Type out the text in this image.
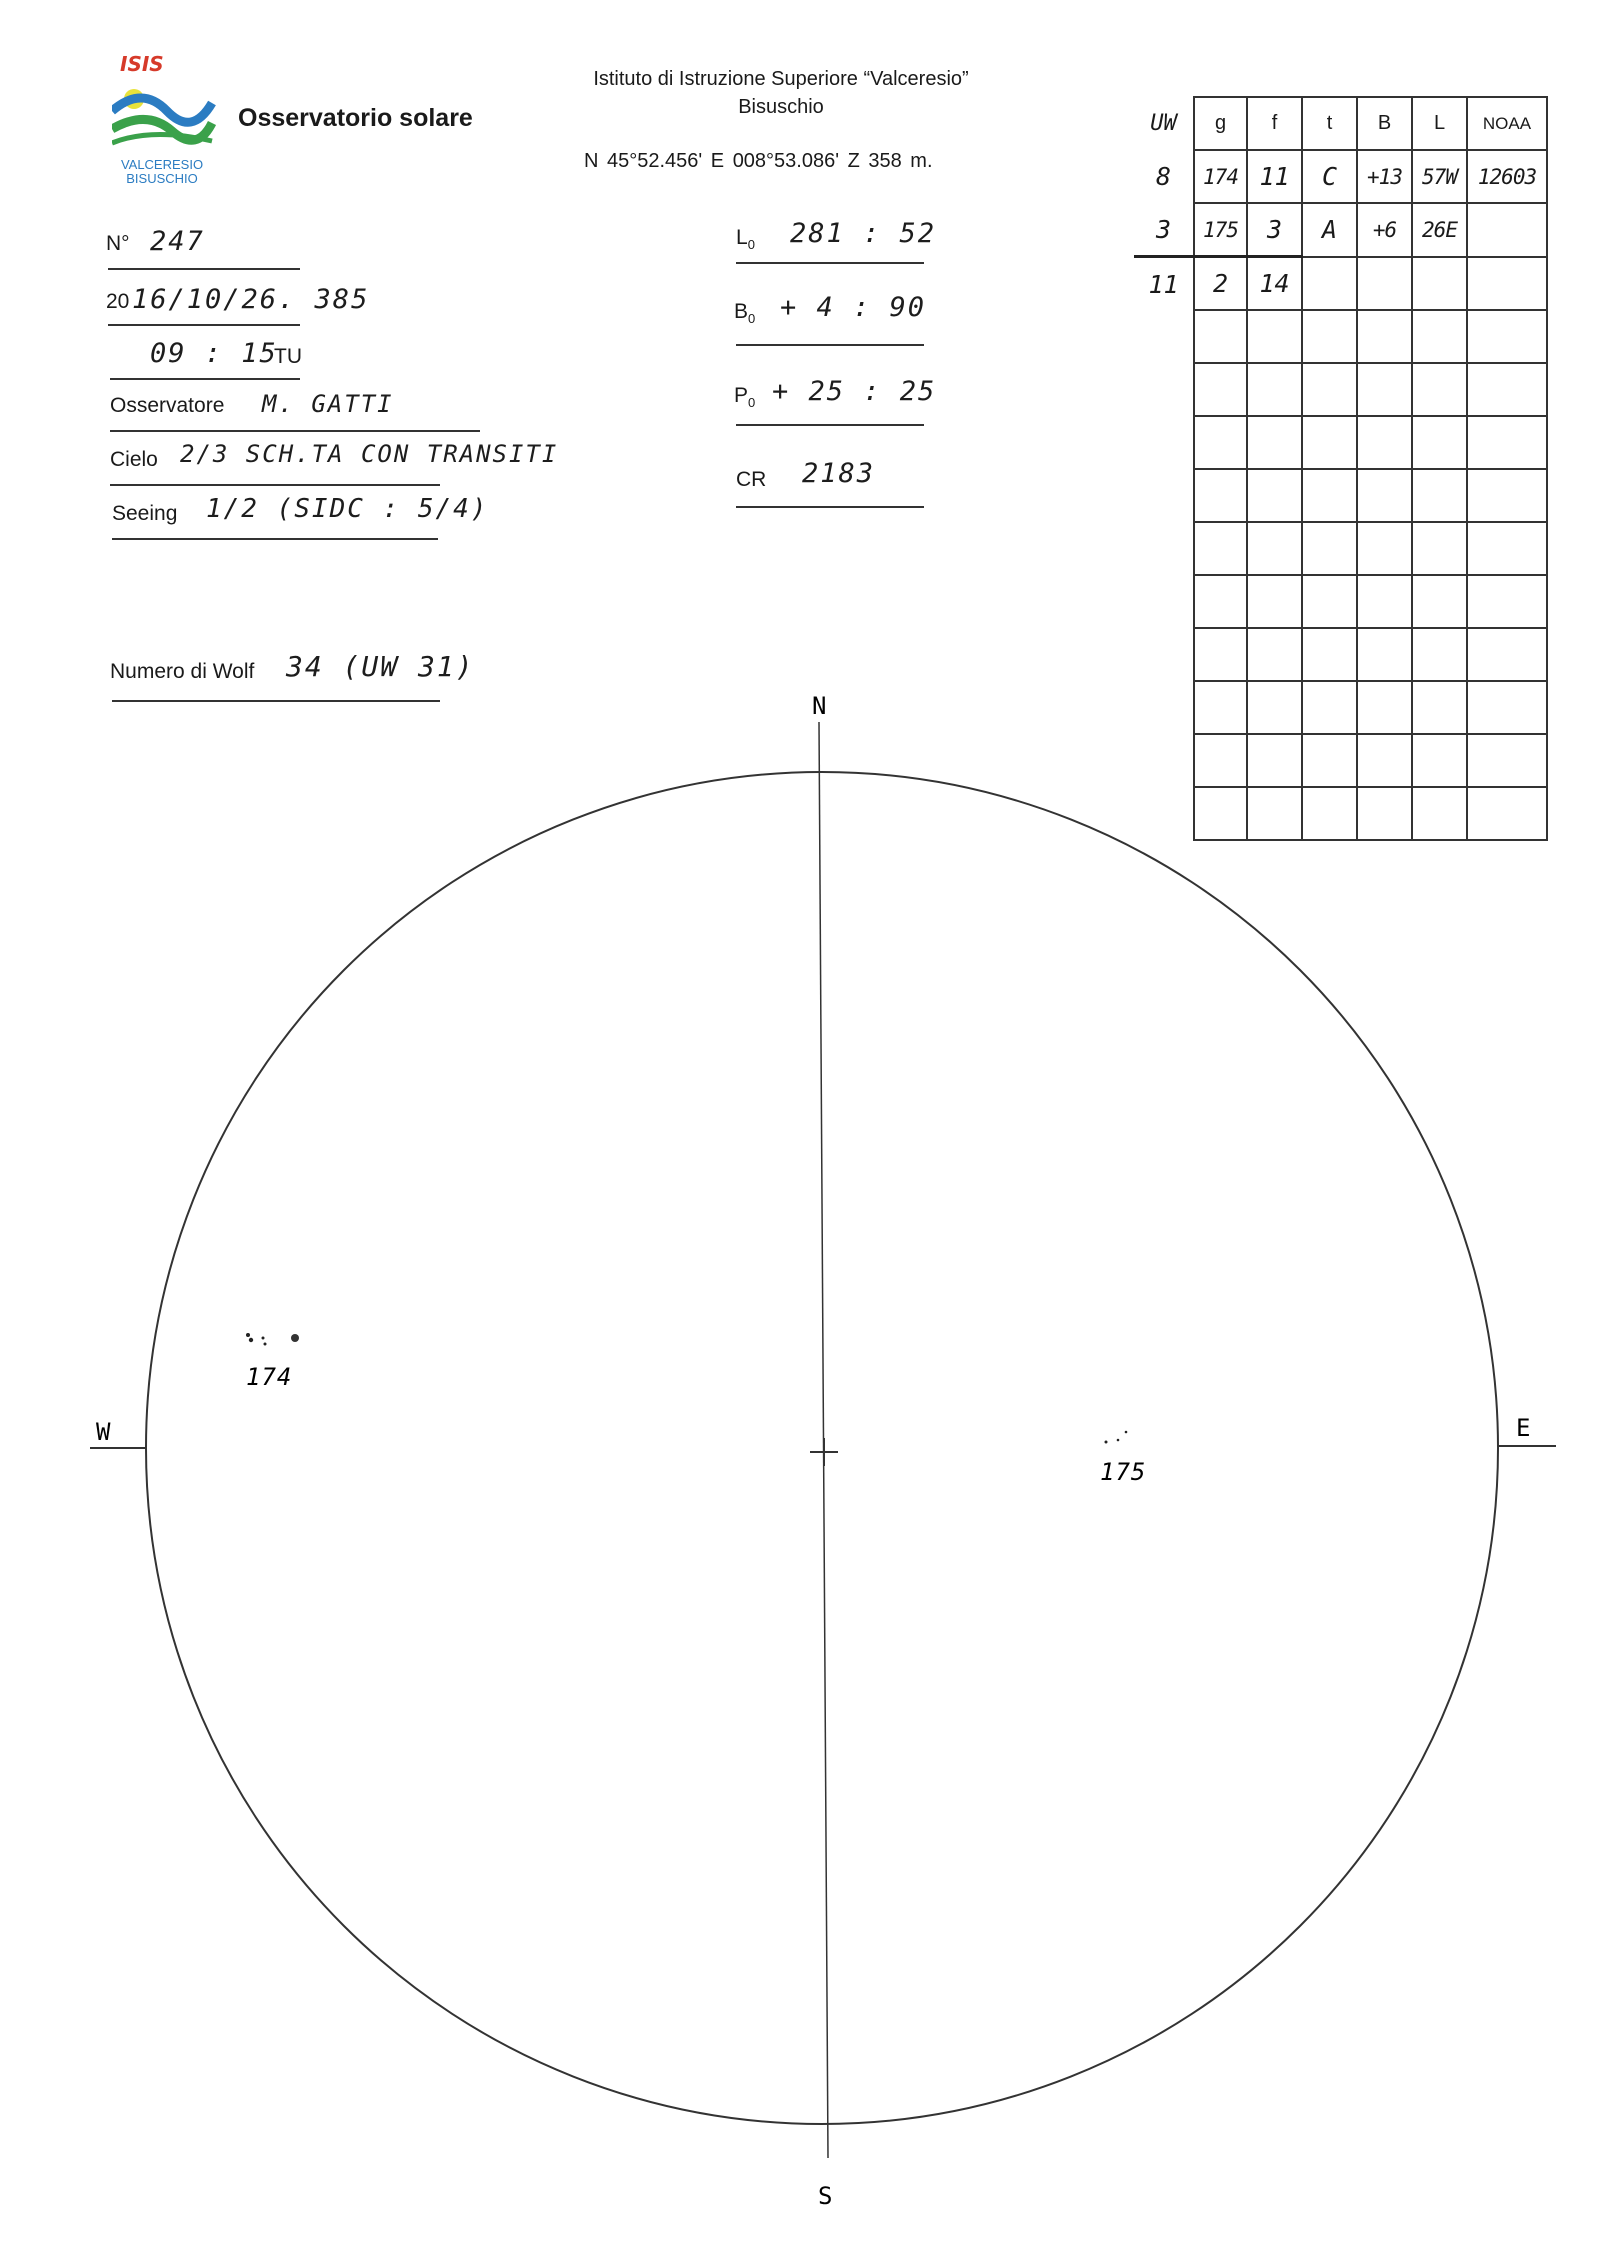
ISIS
VALCERESIO
BISUSCHIO
Osservatorio solare
Istituto di Istruzione Superiore “Valceresio”
Bisuschio
N 45°52.456' E 008°53.086' Z 358 m.
N° 247
20 16/10/26. 385
09 : 15
TU
Osservatore M. GATTI
Cielo 2/3 SCH.TA CON TRANSITI
Seeing 1/2 (SIDC : 5/4)
Numero di Wolf 34 (UW 31)
$L_0$ 281 : 52
$B_0 + 4$ : 90
$P_0 + 25$ : 25
CR 2183
UW	g	f	t	B	L	NOAA
8	174	11	C	+13	57W	12603
3	175	3	A	+6	26E	
11	2	14				

N
S
W	E
174
175
